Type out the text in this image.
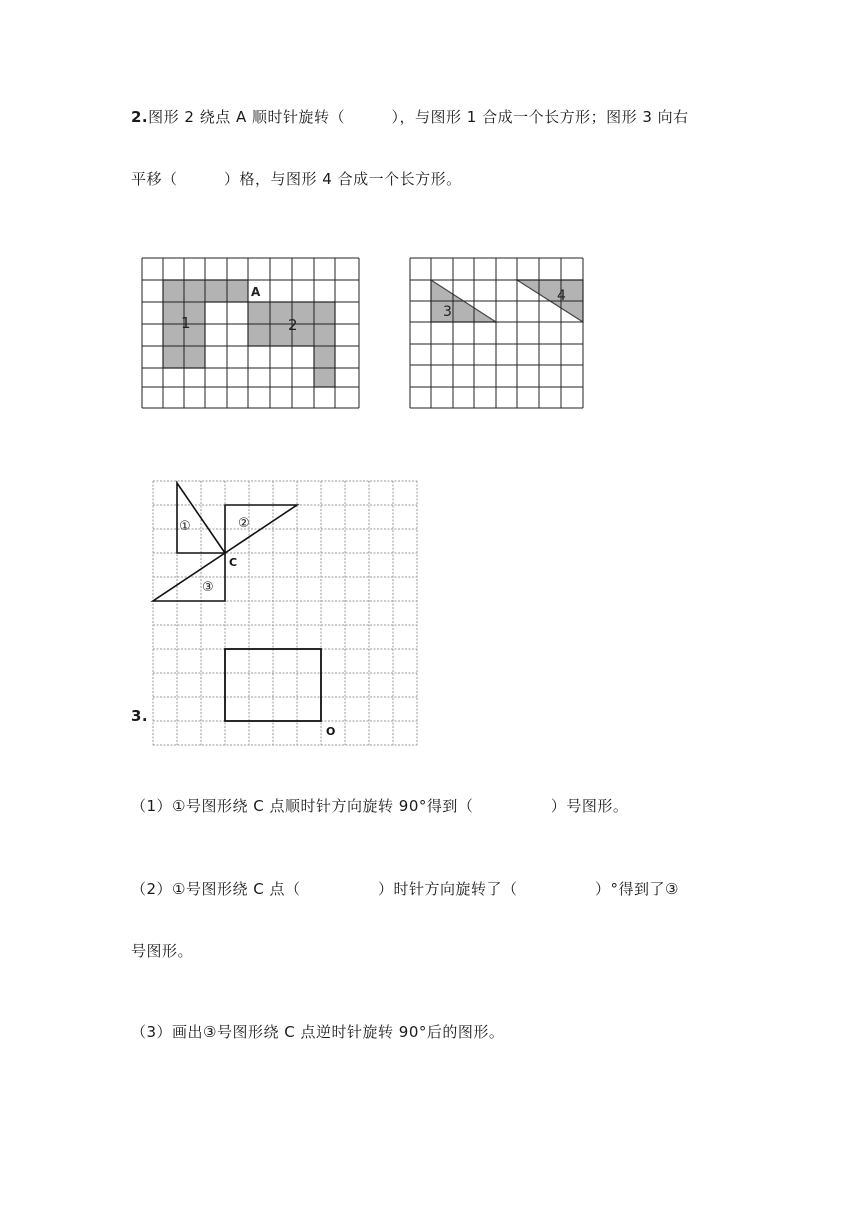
2.图形 2 绕点 A 顺时针旋转（　　　），与图形 1 合成一个长方形；图形 3 向右
平移（　　　）格，与图形 4 合成一个长方形。
1	2
A
3
4
3.
①	②
③
C
O
（1）①号图形绕 C 点顺时针方向旋转 90°得到（　　　　　）号图形。
（2）①号图形绕 C 点（　　　　　）时针方向旋转了（　　　　　）°得到了③
号图形。
（3）画出③号图形绕 C 点逆时针旋转 90°后的图形。
